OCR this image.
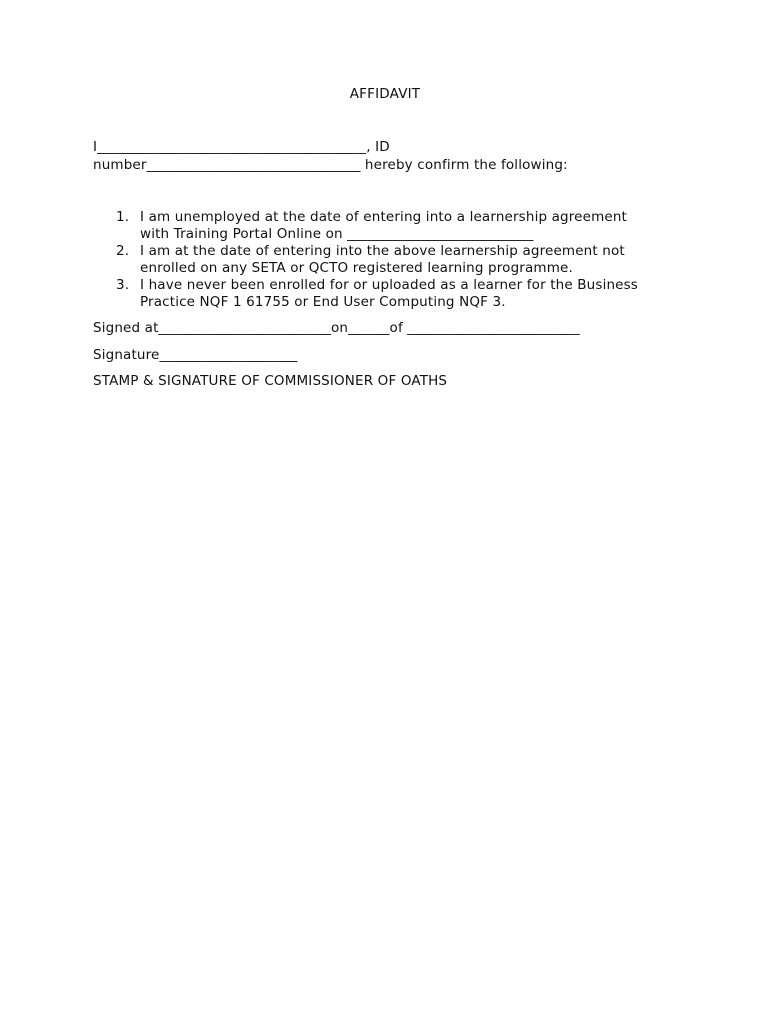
AFFIDAVIT
I_______________________________________, ID
number_______________________________ hereby confirm the following:
1. I am unemployed at the date of entering into a learnership agreement
with Training Portal Online on ___________________________
2. I am at the date of entering into the above learnership agreement not
enrolled on any SETA or QCTO registered learning programme.
3. I have never been enrolled for or uploaded as a learner for the Business
Practice NQF 1 61755 or End User Computing NQF 3.
Signed at_________________________on______of _________________________
Signature____________________
STAMP & SIGNATURE OF COMMISSIONER OF OATHS
